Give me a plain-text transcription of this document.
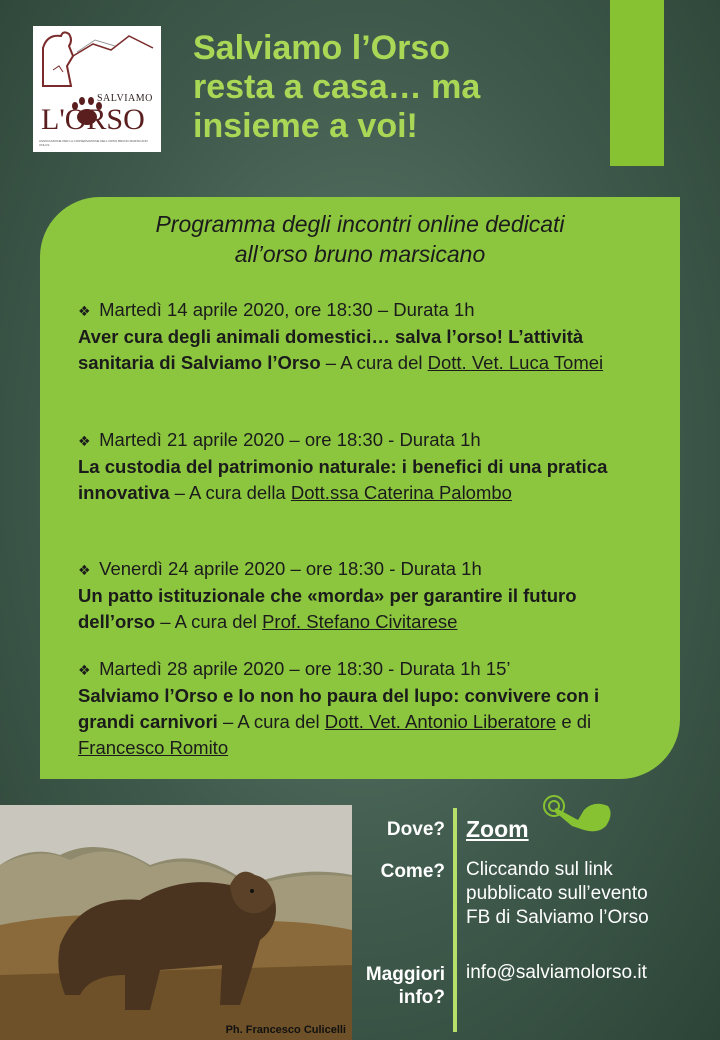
SALVIAMO
L'ORSO
ASSOCIAZIONE PER LA CONSERVAZIONE DELL'ORSO BRUNO MARSICANO ONLUS
Salviamo l’Orso
resta a casa… ma
insieme a voi!
Programma degli incontri online dedicati
all’orso bruno marsicano
❖ Martedì 14 aprile 2020, ore 18:30 – Durata 1h
Aver cura degli animali domestici… salva l’orso! L’attività sanitaria di Salviamo l’Orso – A cura del Dott. Vet. Luca Tomei
❖ Martedì 21 aprile 2020 – ore 18:30 - Durata 1h
La custodia del patrimonio naturale: i benefici di una pratica innovativa – A cura della Dott.ssa Caterina Palombo
❖ Venerdì 24 aprile 2020 – ore 18:30 - Durata 1h
Un patto istituzionale che «morda» per garantire il futuro dell’orso – A cura del Prof. Stefano Civitarese
❖ Martedì 28 aprile 2020 – ore 18:30 - Durata 1h 15’
Salviamo l’Orso e Io non ho paura del lupo: convivere con i grandi carnivori – A cura del Dott. Vet. Antonio Liberatore e di Francesco Romito
Ph. Francesco Culicelli
Dove? Zoom
Come? Cliccando sul link
pubblicato sull’evento
FB di Salviamo l’Orso
Maggiori
info?
info@salviamolorso.it
